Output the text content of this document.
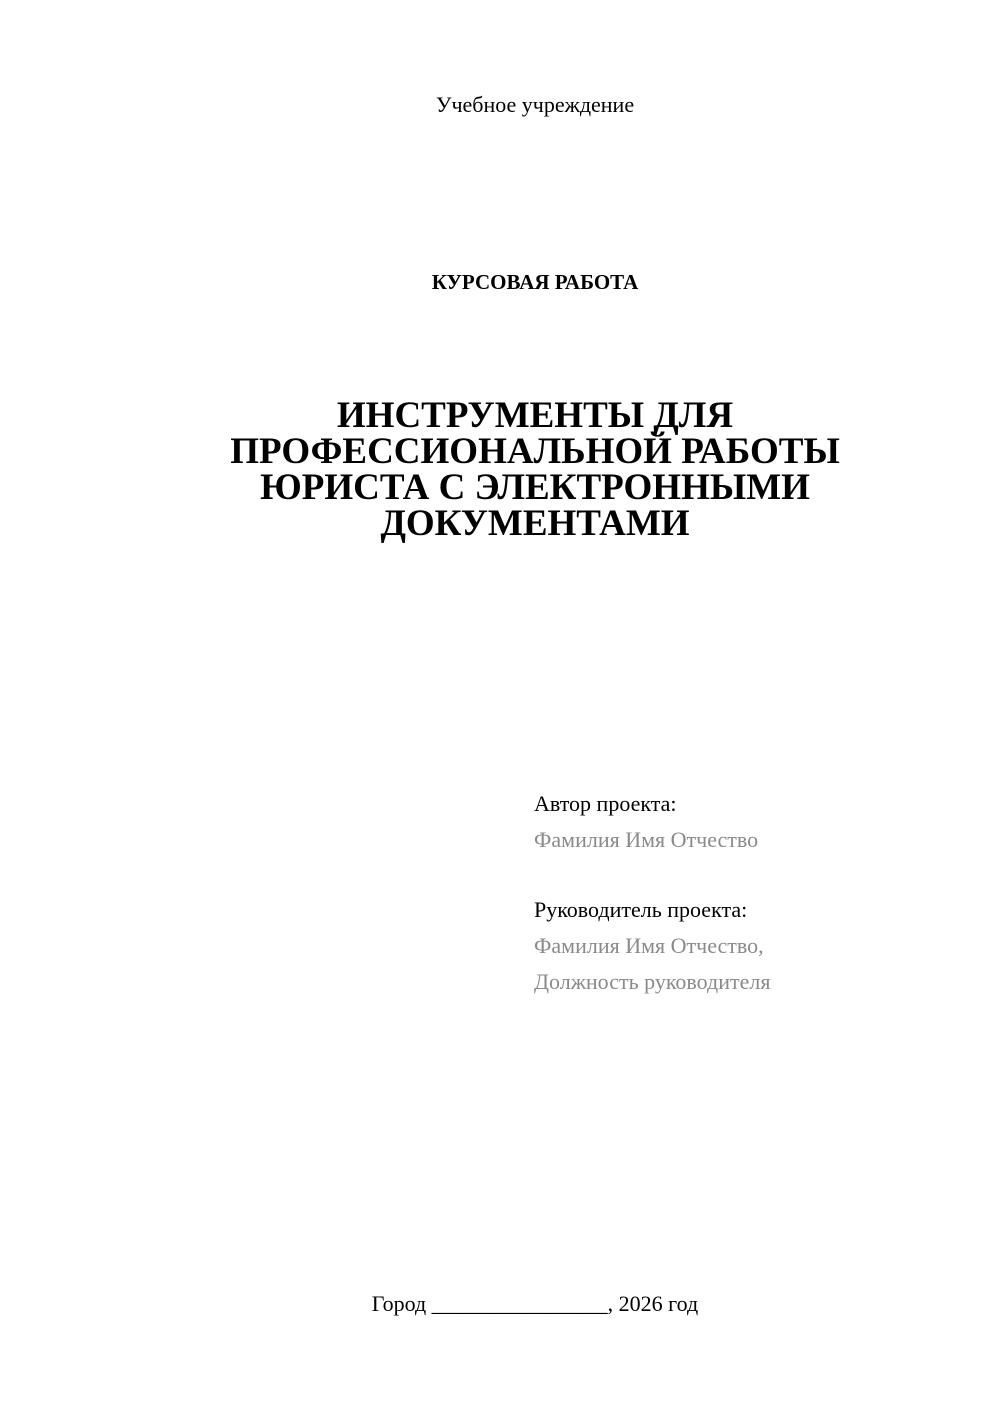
Учебное учреждение
КУРСОВАЯ РАБОТА
ИНСТРУМЕНТЫ ДЛЯ
ПРОФЕССИОНАЛЬНОЙ РАБОТЫ
ЮРИСТА С ЭЛЕКТРОННЫМИ
ДОКУМЕНТАМИ
Автор проекта:
Фамилия Имя Отчество
Руководитель проекта:
Фамилия Имя Отчество,
Должность руководителя
Город ________________, 2026 год
